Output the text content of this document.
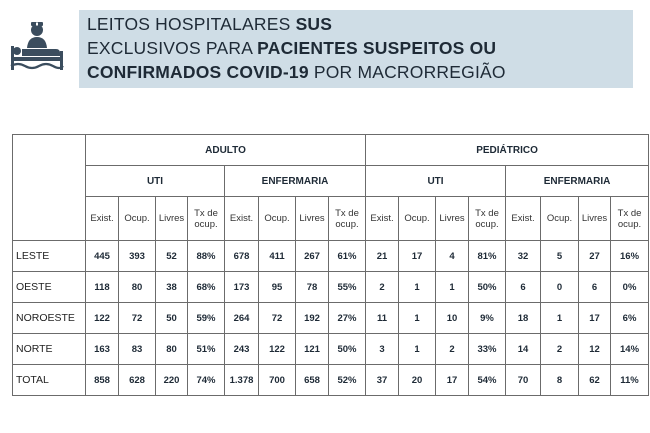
LEITOS HOSPITALARES SUS
EXCLUSIVOS PARA PACIENTES SUSPEITOS OU
CONFIRMADOS COVID-19 POR MACRORREGIÃO
	ADULTO								PEDIÁTRICO							
	UTI				ENFERMARIA				UTI				ENFERMARIA			
	Exist.	Ocup.	Livres	Tx de ocup.	Exist.	Ocup.	Livres	Tx de ocup.	Exist.	Ocup.	Livres	Tx de ocup.	Exist.	Ocup.	Livres	Tx de ocup.
LESTE	445	393	52	88%	678	411	267	61%	21	17	4	81%	32	5	27	16%
OESTE	118	80	38	68%	173	95	78	55%	2	1	1	50%	6	0	6	0%
NOROESTE	122	72	50	59%	264	72	192	27%	11	1	10	9%	18	1	17	6%
NORTE	163	83	80	51%	243	122	121	50%	3	1	2	33%	14	2	12	14%
TOTAL	858	628	220	74%	1.378	700	658	52%	37	20	17	54%	70	8	62	11%
